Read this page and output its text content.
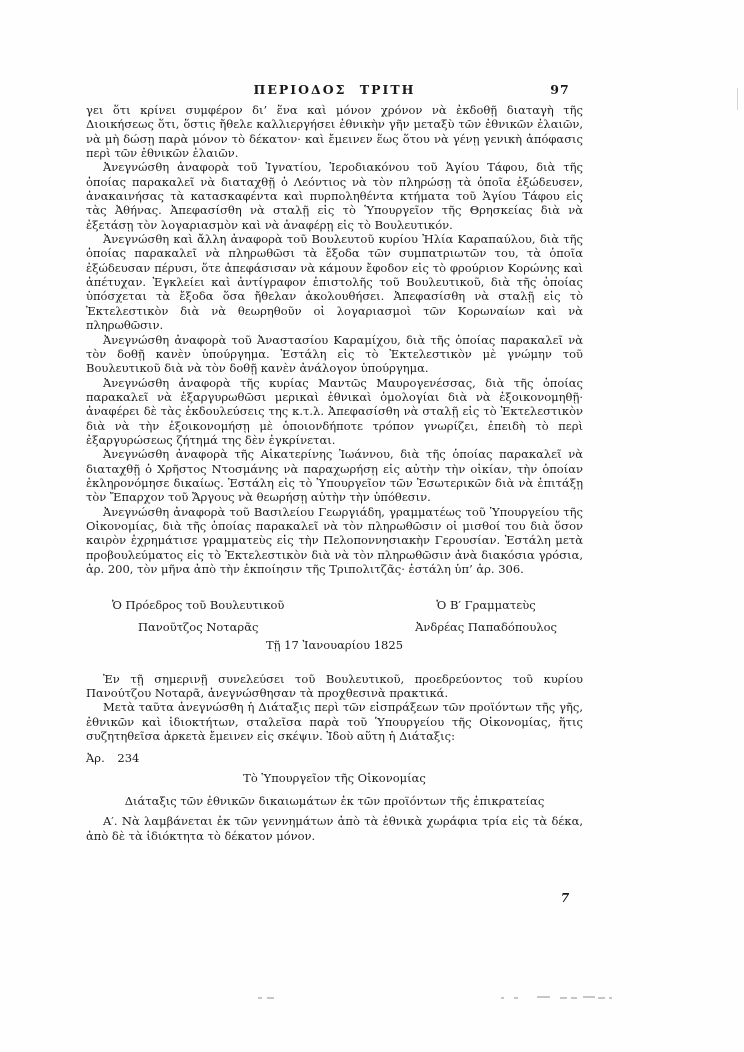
ΠΕΡΙΟΔΟΣ ΤΡΙΤΗ	97

γει ὅτι κρίνει συμφέρον δι’ ἕνα καὶ μόνον χρόνον νὰ ἐκδοθῇ διαταγὴ τῆς Διοικήσεως ὅτι, ὅστις ἤθελε καλλιεργήσει ἐθνικὴν γῆν μεταξὺ τῶν ἐθνικῶν ἐλαιῶν, νὰ μὴ δώσῃ παρὰ μόνον τὸ δέκατον· καὶ ἔμεινεν ἕως ὅτου νὰ γένῃ γενικὴ ἀπόφασις περὶ τῶν ἐθνικῶν ἐλαιῶν.

Ἀνεγνώσθη ἀναφορὰ τοῦ Ἰγνατίου, Ἱεροδιακόνου τοῦ Ἁγίου Τάφου, διὰ τῆς ὁποίας παρακαλεῖ νὰ διαταχθῇ ὁ Λεόντιος νὰ τὸν πληρώσῃ τὰ ὁποῖα ἐξώδευσεν, ἀνακαινήσας τὰ κατασκαφέντα καὶ πυρποληθέντα κτήματα τοῦ Ἁγίου Τάφου εἰς τὰς Ἀθήνας. Ἀπεφασίσθη νὰ σταλῇ εἰς τὸ Ὑπουργεῖον τῆς Θρησκείας διὰ νὰ ἐξετάσῃ τὸν λογαριασμὸν καὶ νὰ ἀναφέρῃ εἰς τὸ Βουλευτικόν.

Ἀνεγνώσθη καὶ ἄλλη ἀναφορὰ τοῦ Βουλευτοῦ κυρίου Ἠλία Καραπαύλου, διὰ τῆς ὁποίας παρακαλεῖ νὰ πληρωθῶσι τὰ ἔξοδα τῶν συμπατριωτῶν του, τὰ ὁποῖα ἐξώδευσαν πέρυσι, ὅτε ἀπεφάσισαν νὰ κάμουν ἔφοδον εἰς τὸ φρούριον Κορώνης καὶ ἀπέτυχαν. Ἐγκλείει καὶ ἀντίγραφον ἐπιστολῆς τοῦ Βουλευτικοῦ, διὰ τῆς ὁποίας ὑπόσχεται τὰ ἔξοδα ὅσα ἤθελαν ἀκολουθήσει. Ἀπεφασίσθη νὰ σταλῇ εἰς τὸ Ἐκτελεστικὸν διὰ νὰ θεωρηθοῦν οἱ λογαριασμοὶ τῶν Κορωναίων καὶ νὰ πληρωθῶσιν.

Ἀνεγνώσθη ἀναφορὰ τοῦ Ἀναστασίου Καραμίχου, διὰ τῆς ὁποίας παρακαλεῖ νὰ τὸν δοθῇ κανὲν ὑπούργημα. Ἐστάλη εἰς τὸ Ἐκτελεστικὸν μὲ γνώμην τοῦ Βουλευτικοῦ διὰ νὰ τὸν δοθῇ κανὲν ἀνάλογον ὑπούργημα.

Ἀνεγνώσθη ἀναφορὰ τῆς κυρίας Μαντῶς Μαυρογενέσσας, διὰ τῆς ὁποίας παρακαλεῖ νὰ ἐξαργυρωθῶσι μερικαὶ ἐθνικαὶ ὁμολογίαι διὰ νὰ ἐξοικονομηθῇ· ἀναφέρει δὲ τὰς ἐκδουλεύσεις της κ.τ.λ. Ἀπεφασίσθη νὰ σταλῇ εἰς τὸ Ἐκτελεστικὸν διὰ νὰ τὴν ἐξοικονομήσῃ μὲ ὁποιονδήποτε τρόπον γνωρίζει, ἐπειδὴ τὸ περὶ ἐξαργυρώσεως ζήτημά της δὲν ἐγκρίνεται.

Ἀνεγνώσθη ἀναφορὰ τῆς Αἰκατερίνης Ἰωάννου, διὰ τῆς ὁποίας παρακαλεῖ νὰ διαταχθῇ ὁ Χρῆστος Ντοσμάνης νὰ παραχωρήσῃ εἰς αὐτὴν τὴν οἰκίαν, τὴν ὁποίαν ἐκληρονόμησε δικαίως. Ἐστάλη εἰς τὸ Ὑπουργεῖον τῶν Ἐσωτερικῶν διὰ νὰ ἐπιτάξῃ τὸν Ἔπαρχον τοῦ Ἄργους νὰ θεωρήσῃ αὐτὴν τὴν ὑπόθεσιν.

Ἀνεγνώσθη ἀναφορὰ τοῦ Βασιλείου Γεωργιάδη, γραμματέως τοῦ Ὑπουργείου τῆς Οἰκονομίας, διὰ τῆς ὁποίας παρακαλεῖ νὰ τὸν πληρωθῶσιν οἱ μισθοί του διὰ ὅσον καιρὸν ἐχρημάτισε γραμματεὺς εἰς τὴν Πελοποννησιακὴν Γερουσίαν. Ἐστάλη μετὰ προβουλεύματος εἰς τὸ Ἐκτελεστικὸν διὰ νὰ τὸν πληρωθῶσιν ἀνὰ διακόσια γρόσια, ἀρ. 200, τὸν μῆνα ἀπὸ τὴν ἐκποίησιν τῆς Τριπολιτζᾶς· ἐστάλη ὑπ’ ἀρ. 306.

Ὁ Πρόεδρος τοῦ Βουλευτικοῦ
Πανοῦτζος Νοταρᾶς
Ὁ Β′ Γραμματεὺς
Ἀνδρέας Παπαδόπουλος

Τῇ 17 Ἰανουαρίου 1825

Ἐν τῇ σημερινῇ συνελεύσει τοῦ Βουλευτικοῦ, προεδρεύοντος τοῦ κυρίου Πανούτζου Νοταρᾶ, ἀνεγνώσθησαν τὰ προχθεσινὰ πρακτικά.

Μετὰ ταῦτα ἀνεγνώσθη ἡ Διάταξις περὶ τῶν εἰσπράξεων τῶν προϊόντων τῆς γῆς, ἐθνικῶν καὶ ἰδιοκτήτων, σταλεῖσα παρὰ τοῦ Ὑπουργείου τῆς Οἰκονομίας, ἥτις συζητηθεῖσα ἀρκετὰ ἔμεινεν εἰς σκέψιν. Ἰδοὺ αὕτη ἡ Διάταξις:

Ἀρ. 234

Τὸ Ὑπουργεῖον τῆς Οἰκονομίας

Διάταξις τῶν ἐθνικῶν δικαιωμάτων ἐκ τῶν προϊόντων τῆς ἐπικρατείας

Α′. Νὰ λαμβάνεται ἐκ τῶν γεννημάτων ἀπὸ τὰ ἐθνικὰ χωράφια τρία εἰς τὰ δέκα, ἀπὸ δὲ τὰ ἰδιόκτητα τὸ δέκατον μόνον.

7
